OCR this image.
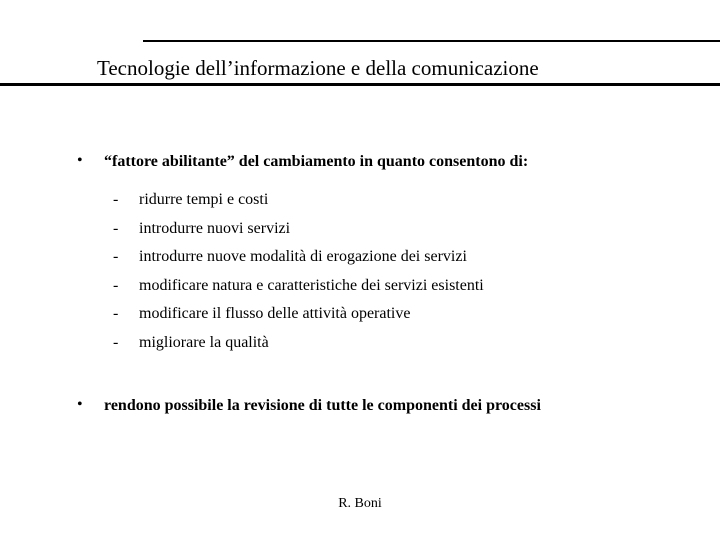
Tecnologie dell’informazione e della comunicazione
• “fattore abilitante” del cambiamento in quanto consentono di:
-	ridurre tempi e costi
-	introdurre nuovi servizi
-	introdurre nuove modalità di erogazione dei servizi
-	modificare natura e caratteristiche dei servizi esistenti
-	modificare il flusso delle attività operative
-	migliorare la qualità
• rendono possibile la revisione di tutte le componenti dei processi
R. Boni
